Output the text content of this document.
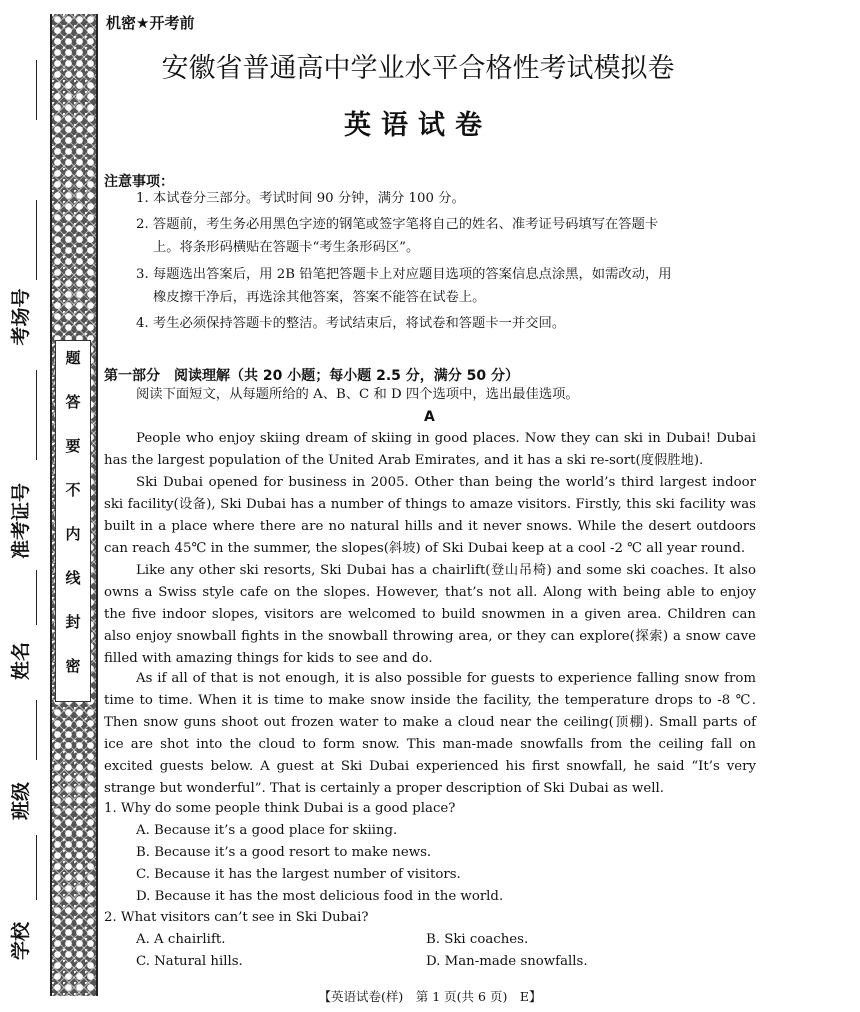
题
答
要
不
内
线
封
密
考场号
准考证号
姓名
班级
学校
机密★开考前
安徽省普通高中学业水平合格性考试模拟卷
英语试卷
注意事项：
1. 本试卷分三部分。考试时间 90 分钟，满分 100 分。
2. 答题前，考生务必用黑色字迹的钢笔或签字笔将自己的姓名、准考证号码填写在答题卡
上。将条形码横贴在答题卡“考生条形码区”。
3. 每题选出答案后，用 2B 铅笔把答题卡上对应题目选项的答案信息点涂黑，如需改动，用
橡皮擦干净后，再选涂其他答案，答案不能答在试卷上。
4. 考生必须保持答题卡的整洁。考试结束后，将试卷和答题卡一并交回。
第一部分　阅读理解（共 20 小题；每小题 2.5 分，满分 50 分）
阅读下面短文，从每题所给的 A、B、C 和 D 四个选项中，选出最佳选项。
A
People who enjoy skiing dream of skiing in good places. Now they can ski in Dubai! Dubai has the largest population of the United Arab Emirates, and it has a ski re-sort(度假胜地).
Ski Dubai opened for business in 2005. Other than being the world’s third largest indoor ski facility(设备), Ski Dubai has a number of things to amaze visitors. Firstly, this ski facility was built in a place where there are no natural hills and it never snows. While the desert outdoors can reach 45℃ in the summer, the slopes(斜坡) of Ski Dubai keep at a cool -2 ℃ all year round.
Like any other ski resorts, Ski Dubai has a chairlift(登山吊椅) and some ski coaches. It also owns a Swiss style cafe on the slopes. However, that’s not all. Along with being able to enjoy the five indoor slopes, visitors are welcomed to build snowmen in a given area. Children can also enjoy snowball fights in the snowball throwing area, or they can explore(探索) a snow cave filled with amazing things for kids to see and do.
As if all of that is not enough, it is also possible for guests to experience falling snow from time to time. When it is time to make snow inside the facility, the temperature drops to -8 ℃. Then snow guns shoot out frozen water to make a cloud near the ceiling(顶棚). Small parts of ice are shot into the cloud to form snow. This man-made snowfalls from the ceiling fall on excited guests below. A guest at Ski Dubai experienced his first snowfall, he said “It’s very strange but wonderful”. That is certainly a proper description of Ski Dubai as well.
1. Why do some people think Dubai is a good place?
A. Because it’s a good place for skiing.
B. Because it’s a good resort to make news.
C. Because it has the largest number of visitors.
D. Because it has the most delicious food in the world.
2. What visitors can’t see in Ski Dubai?
A. A chairlift.	B. Ski coaches.
C. Natural hills.	D. Man-made snowfalls.
【英语试卷(样)　第 1 页(共 6 页)　E】
